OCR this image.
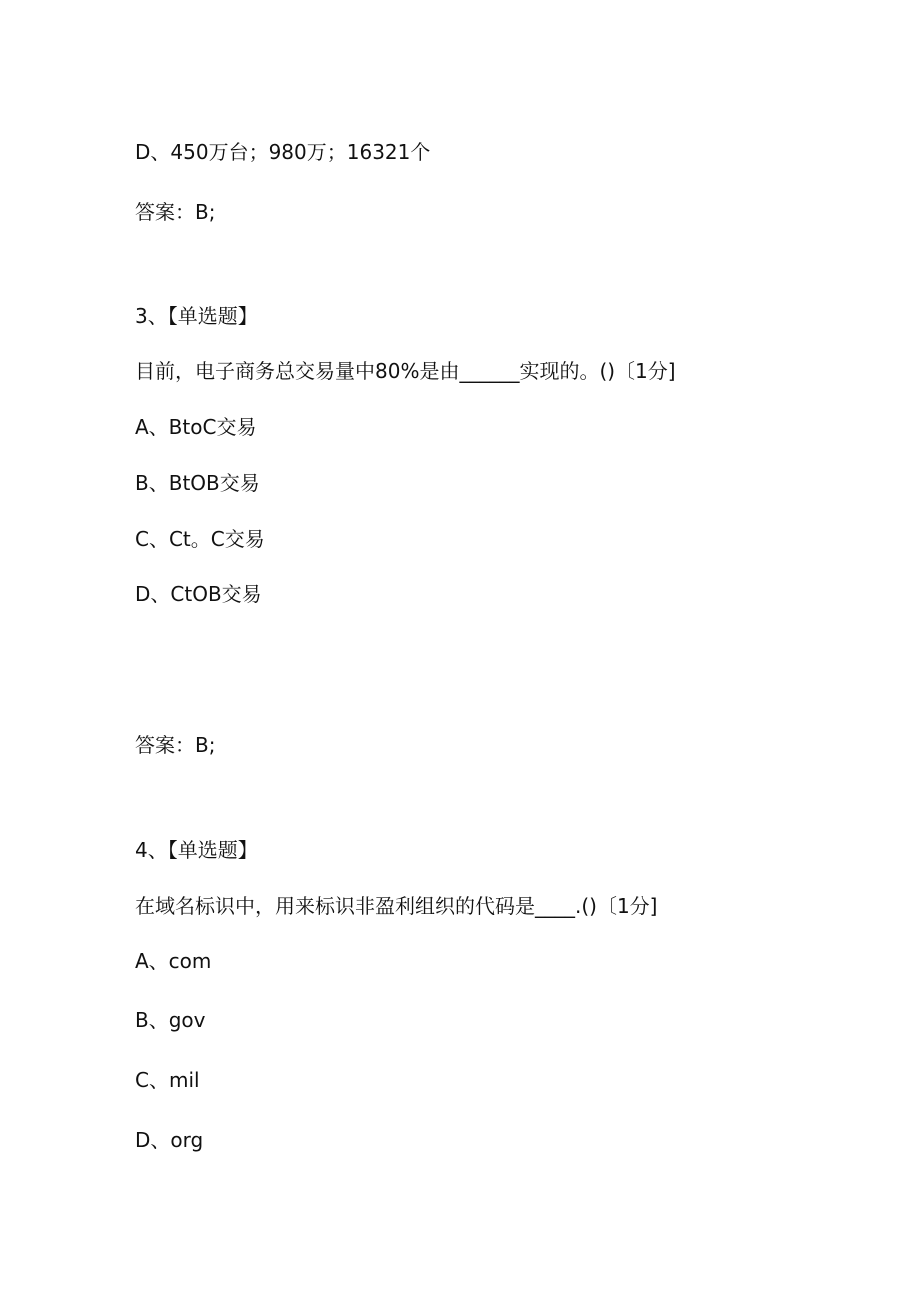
D、450万台；980万；16321个

答案：B;

3、【单选题】

目前，电子商务总交易量中80%是由______实现的。()〔1分]

A、BtoC交易

B、BtOB交易

C、Ct。C交易

D、CtOB交易

答案：B;

4、【单选题】

在域名标识中，用来标识非盈利组织的代码是____.()〔1分]

A、com

B、gov

C、mil

D、org
